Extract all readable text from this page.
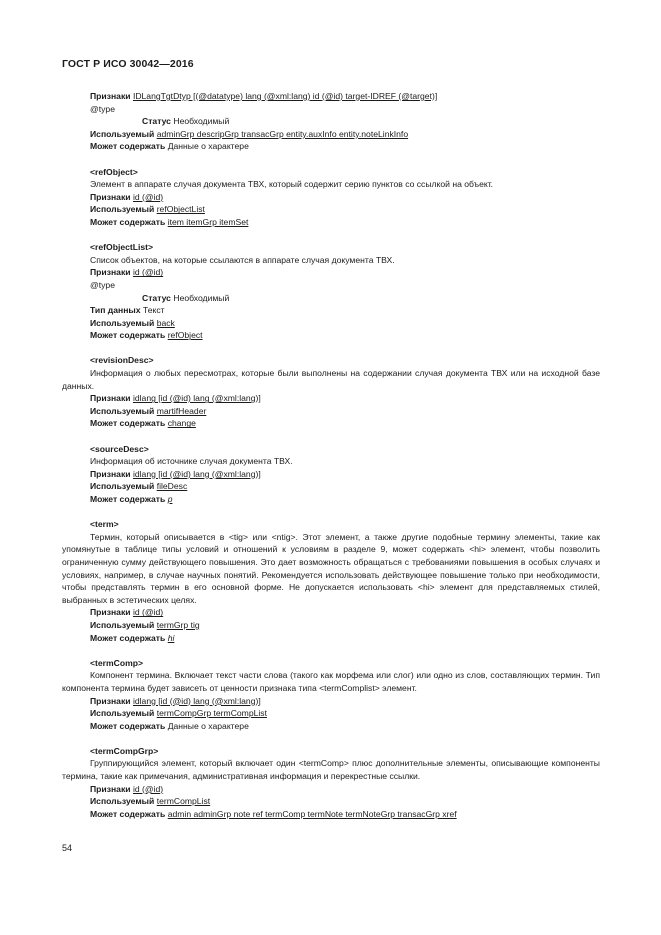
ГОСТ Р ИСО 30042—2016
Признаки IDLangTgtDtyp [(@datatype) lang (@xml:lang) id (@id) target-IDREF (@target)]
@type
Статус Необходимый
Используемый adminGrp descripGrp transacGrp entity.auxInfo entity.noteLinkInfo
Может содержать Данные о характере
<refObject>
Элемент в аппарате случая документа ТВХ, который содержит серию пунктов со ссылкой на объект.
Признаки id (@id)
Используемый refObjectList
Может содержать item itemGrp itemSet
<refObjectList>
Список объектов, на которые ссылаются в аппарате случая документа ТВХ.
Признаки id (@id)
@type
Статус Необходимый
Тип данных Текст
Используемый back
Может содержать refObject
<revisionDesc>
Информация о любых пересмотрах, которые были выполнены на содержании случая документа ТВХ или на исходной базе данных.
Признаки idlang [id (@id) lang (@xml:lang)]
Используемый martifHeader
Может содержать change
<sourceDesc>
Информация об источнике случая документа ТВХ.
Признаки idlang [id (@id) lang (@xml:lang)]
Используемый fileDesc
Может содержать p
<term>
Термин, который описывается в <tig> или <ntig>. Этот элемент, а также другие подобные термину элементы, такие как упомянутые в таблице типы условий и отношений к условиям в разделе 9, может содержать <hi> элемент, чтобы позволить ограниченную сумму действующего повышения. Это дает возможность обращаться с требованиями повышения в особых случаях и условиях, например, в случае научных понятий. Рекомендуется использовать действующее повышение только при необходимости, чтобы представлять термин в его основной форме. Не допускается использовать <hi> элемент для представляемых стилей, выбранных в эстетических целях.
Признаки id (@id)
Используемый termGrp tig
Может содержать hi
<termComp>
Компонент термина. Включает текст части слова (такого как морфема или слог) или одно из слов, составляющих термин. Тип компонента термина будет зависеть от ценности признака типа <termComplist> элемент.
Признаки idlang [id (@id) lang (@xml:lang)]
Используемый termCompGrp termCompList
Может содержать Данные о характере
<termCompGrp>
Группирующийся элемент, который включает один <termComp> плюс дополнительные элементы, описывающие компоненты термина, такие как примечания, административная информация и перекрестные ссылки.
Признаки id (@id)
Используемый termCompList
Может содержать admin adminGrp note ref termComp termNote termNoteGrp transacGrp xref
54
